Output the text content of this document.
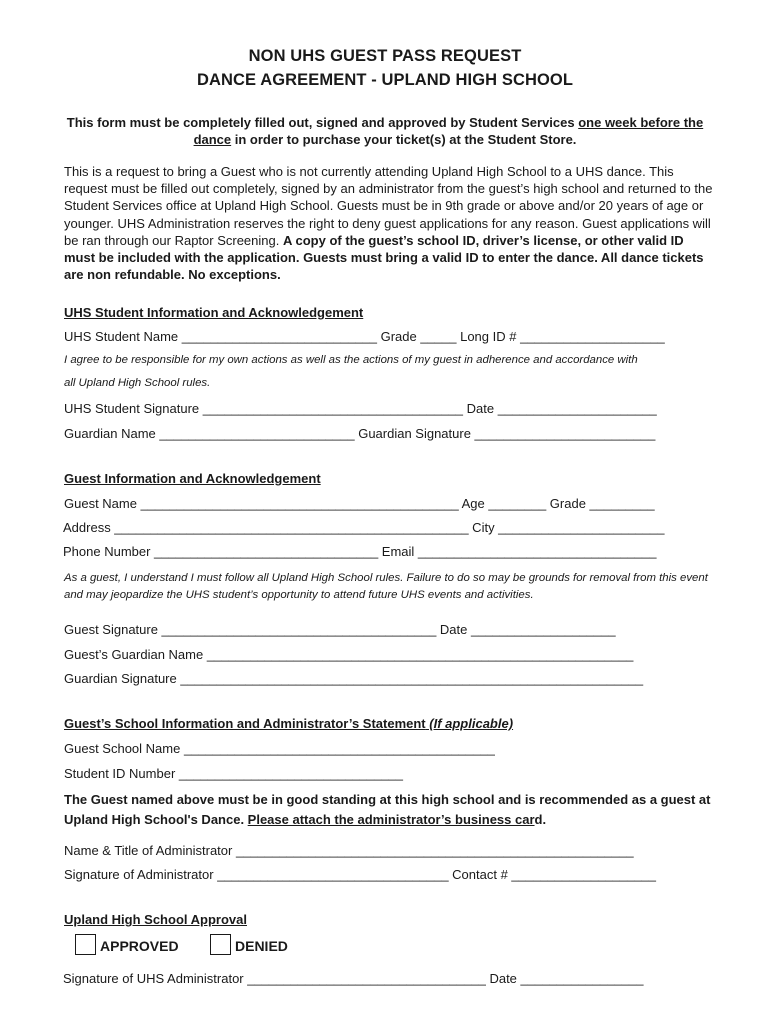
NON UHS GUEST PASS REQUEST
DANCE AGREEMENT - UPLAND HIGH SCHOOL
This form must be completely filled out, signed and approved by Student Services one week before the dance in order to purchase your ticket(s) at the Student Store.
This is a request to bring a Guest who is not currently attending Upland High School to a UHS dance. This request must be filled out completely, signed by an administrator from the guest’s high school and returned to the Student Services office at Upland High School. Guests must be in 9th grade or above and/or 20 years of age or younger. UHS Administration reserves the right to deny guest applications for any reason. Guest applications will be ran through our Raptor Screening. A copy of the guest’s school ID, driver’s license, or other valid ID must be included with the application. Guests must bring a valid ID to enter the dance. All dance tickets are non refundable. No exceptions.
UHS Student Information and Acknowledgement
UHS Student Name ___________________________ Grade _____ Long ID # ____________________
I agree to be responsible for my own actions as well as the actions of my guest in adherence and accordance with
all Upland High School rules.
UHS Student Signature ____________________________________ Date ______________________
Guardian Name ___________________________ Guardian Signature _________________________
Guest Information and Acknowledgement
Guest Name ____________________________________________ Age ________ Grade _________
Address _________________________________________________ City _______________________
Phone Number _______________________________ Email _________________________________
As a guest, I understand I must follow all Upland High School rules. Failure to do so may be grounds for removal from this event and may jeopardize the UHS student’s opportunity to attend future UHS events and activities.
Guest Signature ______________________________________ Date ____________________
Guest’s Guardian Name ___________________________________________________________
Guardian Signature ________________________________________________________________
Guest’s School Information and Administrator’s Statement (If applicable)
Guest School Name ___________________________________________
Student ID Number _______________________________
The Guest named above must be in good standing at this high school and is recommended as a guest at Upland High School's Dance. Please attach the administrator’s business card.
Name & Title of Administrator _______________________________________________________
Signature of Administrator ________________________________ Contact # ____________________
Upland High School Approval
APPROVED	DENIED
Signature of UHS Administrator _________________________________ Date _________________
